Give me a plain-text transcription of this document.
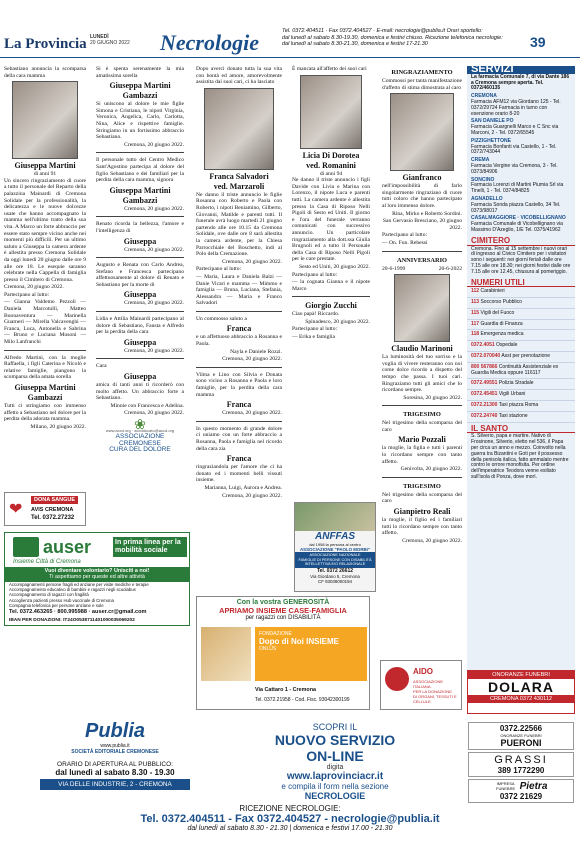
La Provincia LUNEDÌ
20 GIUGNO 2022 Necrologie	Tel. 0372.404511 · Fax 0372.404527 · E-mail: necrologie@publia.it Orari sportello:
dal lunedì al sabato 8.30-19.30, domenica e festivi chiuso. Ricezione telefonica necrologie:
dal lunedì al sabato 8.30-21.30, domenica e festivi 17-21.30	39

Sebastiano annuncia la scomparsa della cara mamma

Giuseppa Martini
di anni 91

Un sincero ringraziamento di cuore a tutto il personale del Reparto della palazzina Mainardi di Cremona Solidale per la professionalità, la delicatezza e le nuove dolcezze usate che hanno accompagnato la mamma nell'ultimo tratto della sua vita. A Marco un forte abbraccio per essere stato sempre vicino anche nei momenti più difficili. Per un ultimo saluto a Giuseppa la camera ardente è allestita presso Cremona Solidale da oggi lunedì 20 giugno dalle ore 9 alle ore 18. Le esequie saranno celebrate nella Cappella di famiglia presso il Cimitero di Cremona.

Cremona, 20 giugno 2022.

Partecipano al lutto:

— Gianna Valdemo Pezzoli — Daniela Marcotulli, Matteo Buonaventura — Marinella Guarneri — Mirella Valcavenghi — Franca, Luca, Antonella e Sabrina — Bruno e Luciana Musoni — Milo Lanfranchi

Alfredo Martini, con la moglie Raffaella, i figli Caterina e Nicolò e relative famiglie, piangono la scomparsa della amata sorella

Giuseppa Martini
Gambazzi

Tutti ci stringiamo con immenso affetto a Sebastiano nel dolore per la perdita della adorata mamma.

Milano, 20 giugno 2022.

Si è spenta serenamente la mia amatissima sorella

Giuseppa Martini
Gambazzi

Si uniscono al dolore le mie figlie Simona e Cristiana, le nipoti Virginia, Veronica, Angelica, Carlo, Carlotta, Nina, Alice e rispettive famiglie. Stringiamo in un fortissimo abbraccio Sebastiano.

Cremona, 20 giugno 2022.

Il personale tutto del Centro Medico Sant'Agostino partecipa al dolore del figlio Sebastiano e dei familiari per la perdita della cara mamma, signora

Giuseppa Martini
Gambazzi

Cremona, 20 giugno 2022.

Renato ricorda la bellezza, l'amore e l'intelligenza di

Giuseppa

Cremona, 20 giugno 2022.

Augusto e Renata con Carlo Andrea, Stefano e Francesca partecipano affettuosamente al dolore di Renato e Sebastiano per la morte di

Giuseppa

Cremona, 20 giugno 2022.

Lidia e Attilia Mainardi partecipano al dolore di Sebastiano, Fausta e Alfredo per la perdita della cara

Giuseppa

Cremona, 20 giugno 2022.

Cara

Giuseppa

amica di tanti anni ti ricorderò con molto affetto. Un abbraccio forte a Sebastiano.

Minnie con Francesca e Adelina.

Cremona, 20 giugno 2022.

❀
www.accd.org · accdducato@accd.org
ASSOCIAZIONE CREMONESE
CURA DEL DOLORE

Dopo averci donato tutta la sua vita con bontà ed amore, amorevolmente assistita dai suoi cari, ci ha lasciato

Franca Salvadori
ved. Marzaroli

Ne danno il triste annuncio le figlie Rosanna con Roberto e Paola con Roberto, i nipoti Beniamino, Gilberto, Giovanni, Matilde e parenti tutti. Il funerale avrà luogo martedì 21 giugno partendo alle ore 10.15 da Cremona Solidale, ove dalle ore 8 sarà allestita la camera ardente, per la Chiesa Parrocchiale del Boschetto, indi al Polo della Cremazione.

Cremona, 20 giugno 2022.

Partecipano al lutto:

— Maria, Laura e Daniela Balzi — Danie Vicari e mamma — Mimmo e famiglia — Bruna, Luciana, Stefania, Alessandra — Maria e Franco Salvadori

Un commosso saluto a

Franca

e un affettuoso abbraccio a Rosanna e Paola.

Nayla e Daniele Rozzi.

Cremona, 20 giugno 2022.

Vilma e Lino con Silvia e Donata sono vicino a Rosanna e Paola e loro famiglie, per la perdita della cara mamma

Franca

Cremona, 20 giugno 2022.

In questo momento di grande dolore ci uniamo con un forte abbraccio a Rosanna, Paola e famiglia nel ricordo della cara zia

Franca

ringraziandola per l'amore che ci ha donato ed i momenti belli vissuti insieme.

Marianna, Luigi, Aurora e Andrea.

Cremona, 20 giugno 2022.

È mancata all'affetto dei suoi cari

Licia Di Dorotea
ved. Romanini
di anni 94

Ne danno il triste annuncio i figli Davide con Livia e Marina con Lorenzo, il nipote Luca e parenti tutti. La camera ardente è allestita presso la Casa di Riposo Nelli Pigoli di Sesto ed Uniti. Il giorno e l'ora del funerale verranno comunicati con successivo annuncio. Un particolare ringraziamento alla dott.ssa Giulia Brugnoli ed a tutto il Personale della Casa di Riposo Nelli Pigoli per le cure prestate.

Sesto ed Uniti, 20 giugno 2022.

Partecipano al lutto:

— la cognata Gianna e il nipote Marco

Giorgio Zucchi

Ciao papà! Riccardo.

Spinadesco, 20 giugno 2022.

Partecipano al lutto:

— Erika e famiglia

ANFFAS
dal 1958 la persona al centro
ASSOCIAZIONE "PAOLO MORBI"
ASSOCIAZIONE NAZIONALE
FAMIGLIE DI PERSONE CON DISABILITÀ
INTELLETTIVA E/O RELAZIONALE
Tel. 0372 26612
Via Giordano 5, Cremona
CF 93038000194
RINGRAZIAMENTO

Commossi per tanta manifestazione d'affetto di stima dimostrata al caro

Gianfranco

nell'impossibilità di farlo singolarmente ringraziano di cuore tutti coloro che hanno partecipato al loro immenso dolore.

Rina, Mirko e Roberto Sordini.

San Gervasio Bresciano, 20 giugno 2022.

Partecipano al lutto:

— On. Fun. Rebessi

ANNIVERSARIO
20-6-1999	20-6-2022
Claudio Marinoni

La luminosità del tuo sorriso e la voglia di vivere resteranno con noi come dolce ricordo a dispetto del tempo che passa. I tuoi cari. Ringraziamo tutti gli amici che lo ricordano sempre.

Soresina, 20 giugno 2022.

TRIGESIMO

Nel trigesimo della scomparsa del caro

Mario Pozzali

la moglie, la figlia e tutti i parenti lo ricordano sempre con tanto affetto.

Genivolta, 20 giugno 2022.

TRIGESIMO

Nel trigesimo della scomparsa del caro

Gianpietro Reali

la moglie, il figlio ed i familiari tutti lo ricordano sempre con tanto affetto.

Cremona, 20 giugno 2022.

❤
DONA SANGUE
AVIS CREMONA
Tel. 0372.27232
auser
Insieme Città di Cremona
In prima linea per la mobilità sociale
Vuoi diventare volontario? Unisciti a noi!
Ti aspettiamo per queste ed altre attività
Accompagnamenti persone fragili ed anziane per visite mediche e terapie
Accompagnamento educativo di bambini e ragazzi negli scuolabus
Accompagnamento di ragazzi con fragilità
Accoglienza pazienti presso Hub vaccinale di Cremona
Compagnia telefonica per persone anziane e sole
Tel. 0372.463265 · 800.995988 · auser.cr@gmail.com
IBAN PER DONAZIONI: IT24O0538711401000035069202
Con la vostra GENEROSITÀ
APRIAMO INSIEME CASE-FAMIGLIA
per ragazzi con DISABILITÀ
FONDAZIONE
Dopo di Noi INSIEME
ONLUS
Via Cattaro 1 - Cremona
Tel. 0372.21958 - Cod. Fisc. 93042300199
AIDO
ASSOCIAZIONE ITALIANA
PER LA DONAZIONE
DI ORGANI, TESSUTI E CELLULE
SERVIZI
La farmacia Comunale 7, di via Dante 186 a Cremona sempre aperta. Tel. 0372/460135
CREMONA
Farmacia AFM12 via Giordano 125 - Tel. 0372/29724 Farmacia in turno con esenzione orario 8-20
SAN DANIELE PO
Farmacia Guargnelli Marco e C Snc via Marconi, 2 - Tel. 0372/65545
PIZZIGHETTONE
Farmacia Bonfanti via Castello, 1 - Tel. 0372/743044
CREMA
Farmacia Vergine via Cremona, 3 - Tel. 0373/84906
SONCINO
Farmacia Lorenzi di Martini Piumia Srl via Tinelli, 1 - Tel. 0374/84825
AGNADELLO
Farmacia Sonda piazza Castello, 34 Tel. 0373/98017
CASALMAGGIORE · VICOBELLIGNANO
Farmacia Comunale di Vicobellignano via Massimo D'Azeglio, 1/E Tel. 0375/41962
CIMITERO
Cremona. Fino al 15 settembre i nuovi orari di ingresso al Civico Cimitero per i visitatori sono i seguenti: nei giorni feriali dalle ore 7.15 alle ore 18.30; nei giorni festivi dalle ore 7.15 alle ore 12.45, chiusura al pomeriggio.
NUMERI UTILI
112 Carabinieri
113 Soccorso Pubblico
115 Vigili del Fuoco
117 Guardia di Finanza
118 Emergenza medica
0372.4051 Ospedale
0372.070040 Asst per prenotazione
800 567866 Continuità Assistenziale ex Guardia Medica oppure 116117
0372.49551 Polizia Stradale
0372.45451 Vigili Urbani
0372.21300 Taxi piazza Roma
0372.24740 Taxi stazione
IL SANTO
S. Silverio, papa e martire. Nativo di Frosinone, Silverio, eletto nel 536, il Papa per circa un anno e mezzo. Coinvolto nella guerra tra Bizantini e Goti per il possesso della penisola italica, fatto ammalato mentre contro le orrore monofisita. Per ordine dell'imperatrice Teodora venne esiliato sull'isola di Ponza, dove morì.
ONORANZE FUNEBRI
DOLARA
CREMONA 0372 430112
Publia
www.publia.it
SOCIETÀ EDITORIALE CREMONESE
ORARIO DI APERTURA AL PUBBLICO:
dal lunedì al sabato 8.30 - 19.30
VIA DELLE INDUSTRIE, 2 - CREMONA
SCOPRI IL
NUOVO SERVIZIO
ON-LINE
digita
www.laprovinciacr.it
e compila il form nella sezione
NECROLOGIE
0372.22566
ONORANZE FUNEBRI
PUERONI
GRASSI
389 1772290
IMPRESA FUNEBRE Pietra
0372 21629
RICEZIONE NECROLOGIE:
Tel. 0372.404511 - Fax 0372.404527 - necrologie@publia.it
dal lunedì al sabato 8.30 - 21.30 | domenica e festivi 17.00 - 21.30
